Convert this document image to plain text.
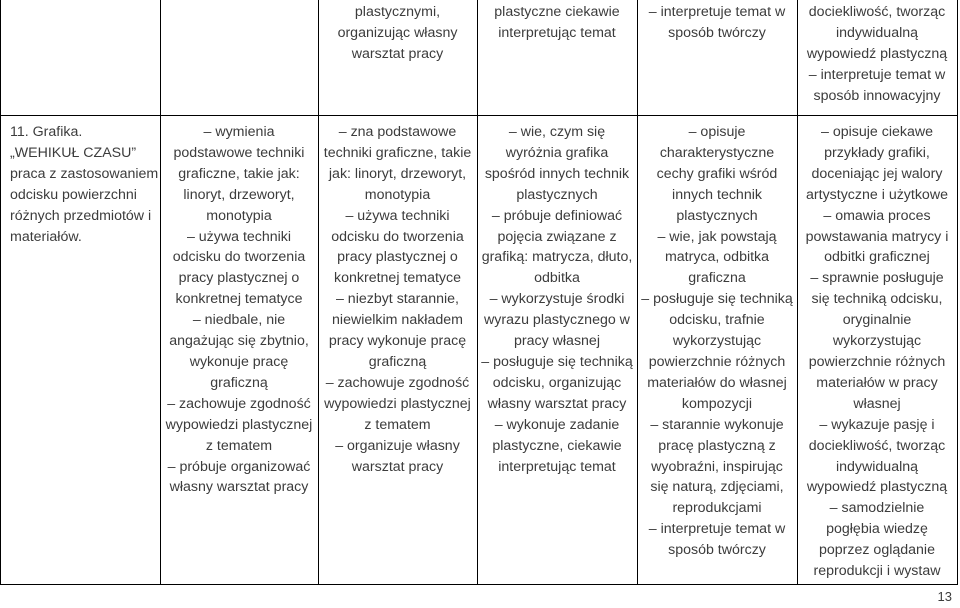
plastycznymi,
organizując własny
warsztat pracy
plastyczne ciekawie
interpretując temat
– interpretuje temat w
sposób twórczy
dociekliwość, tworząc
indywidualną
wypowiedź plastyczną
– interpretuje temat w
sposób innowacyjny
11. Grafika.
„WEHIKUŁ CZASU”
praca z zastosowaniem
odcisku powierzchni
różnych przedmiotów i
materiałów.
– wymienia
podstawowe techniki
graficzne, takie jak:
linoryt, drzeworyt,
monotypia
– używa techniki
odcisku do tworzenia
pracy plastycznej o
konkretnej tematyce
– niedbale, nie
angażując się zbytnio,
wykonuje pracę
graficzną
– zachowuje zgodność
wypowiedzi plastycznej
z tematem
– próbuje organizować
własny warsztat pracy
– zna podstawowe
techniki graficzne, takie
jak: linoryt, drzeworyt,
monotypia
– używa techniki
odcisku do tworzenia
pracy plastycznej o
konkretnej tematyce
– niezbyt starannie,
niewielkim nakładem
pracy wykonuje pracę
graficzną
– zachowuje zgodność
wypowiedzi plastycznej
z tematem
– organizuje własny
warsztat pracy
– wie, czym się
wyróżnia grafika
spośród innych technik
plastycznych
– próbuje definiować
pojęcia związane z
grafiką: matrycza, dłuto,
odbitka
– wykorzystuje środki
wyrazu plastycznego w
pracy własnej
– posługuje się techniką
odcisku, organizując
własny warsztat pracy
– wykonuje zadanie
plastyczne, ciekawie
interpretując temat
– opisuje
charakterystyczne
cechy grafiki wśród
innych technik
plastycznych
– wie, jak powstają
matryca, odbitka
graficzna
– posługuje się techniką
odcisku, trafnie
wykorzystując
powierzchnie różnych
materiałów do własnej
kompozycji
– starannie wykonuje
pracę plastyczną z
wyobraźni, inspirując
się naturą, zdjęciami,
reprodukcjami
– interpretuje temat w
sposób twórczy
– opisuje ciekawe
przykłady grafiki,
doceniając jej walory
artystyczne i użytkowe
– omawia proces
powstawania matrycy i
odbitki graficznej
– sprawnie posługuje
się techniką odcisku,
oryginalnie
wykorzystując
powierzchnie różnych
materiałów w pracy
własnej
– wykazuje pasję i
dociekliwość, tworząc
indywidualną
wypowiedź plastyczną
– samodzielnie
pogłębia wiedzę
poprzez oglądanie
reprodukcji i wystaw
13
